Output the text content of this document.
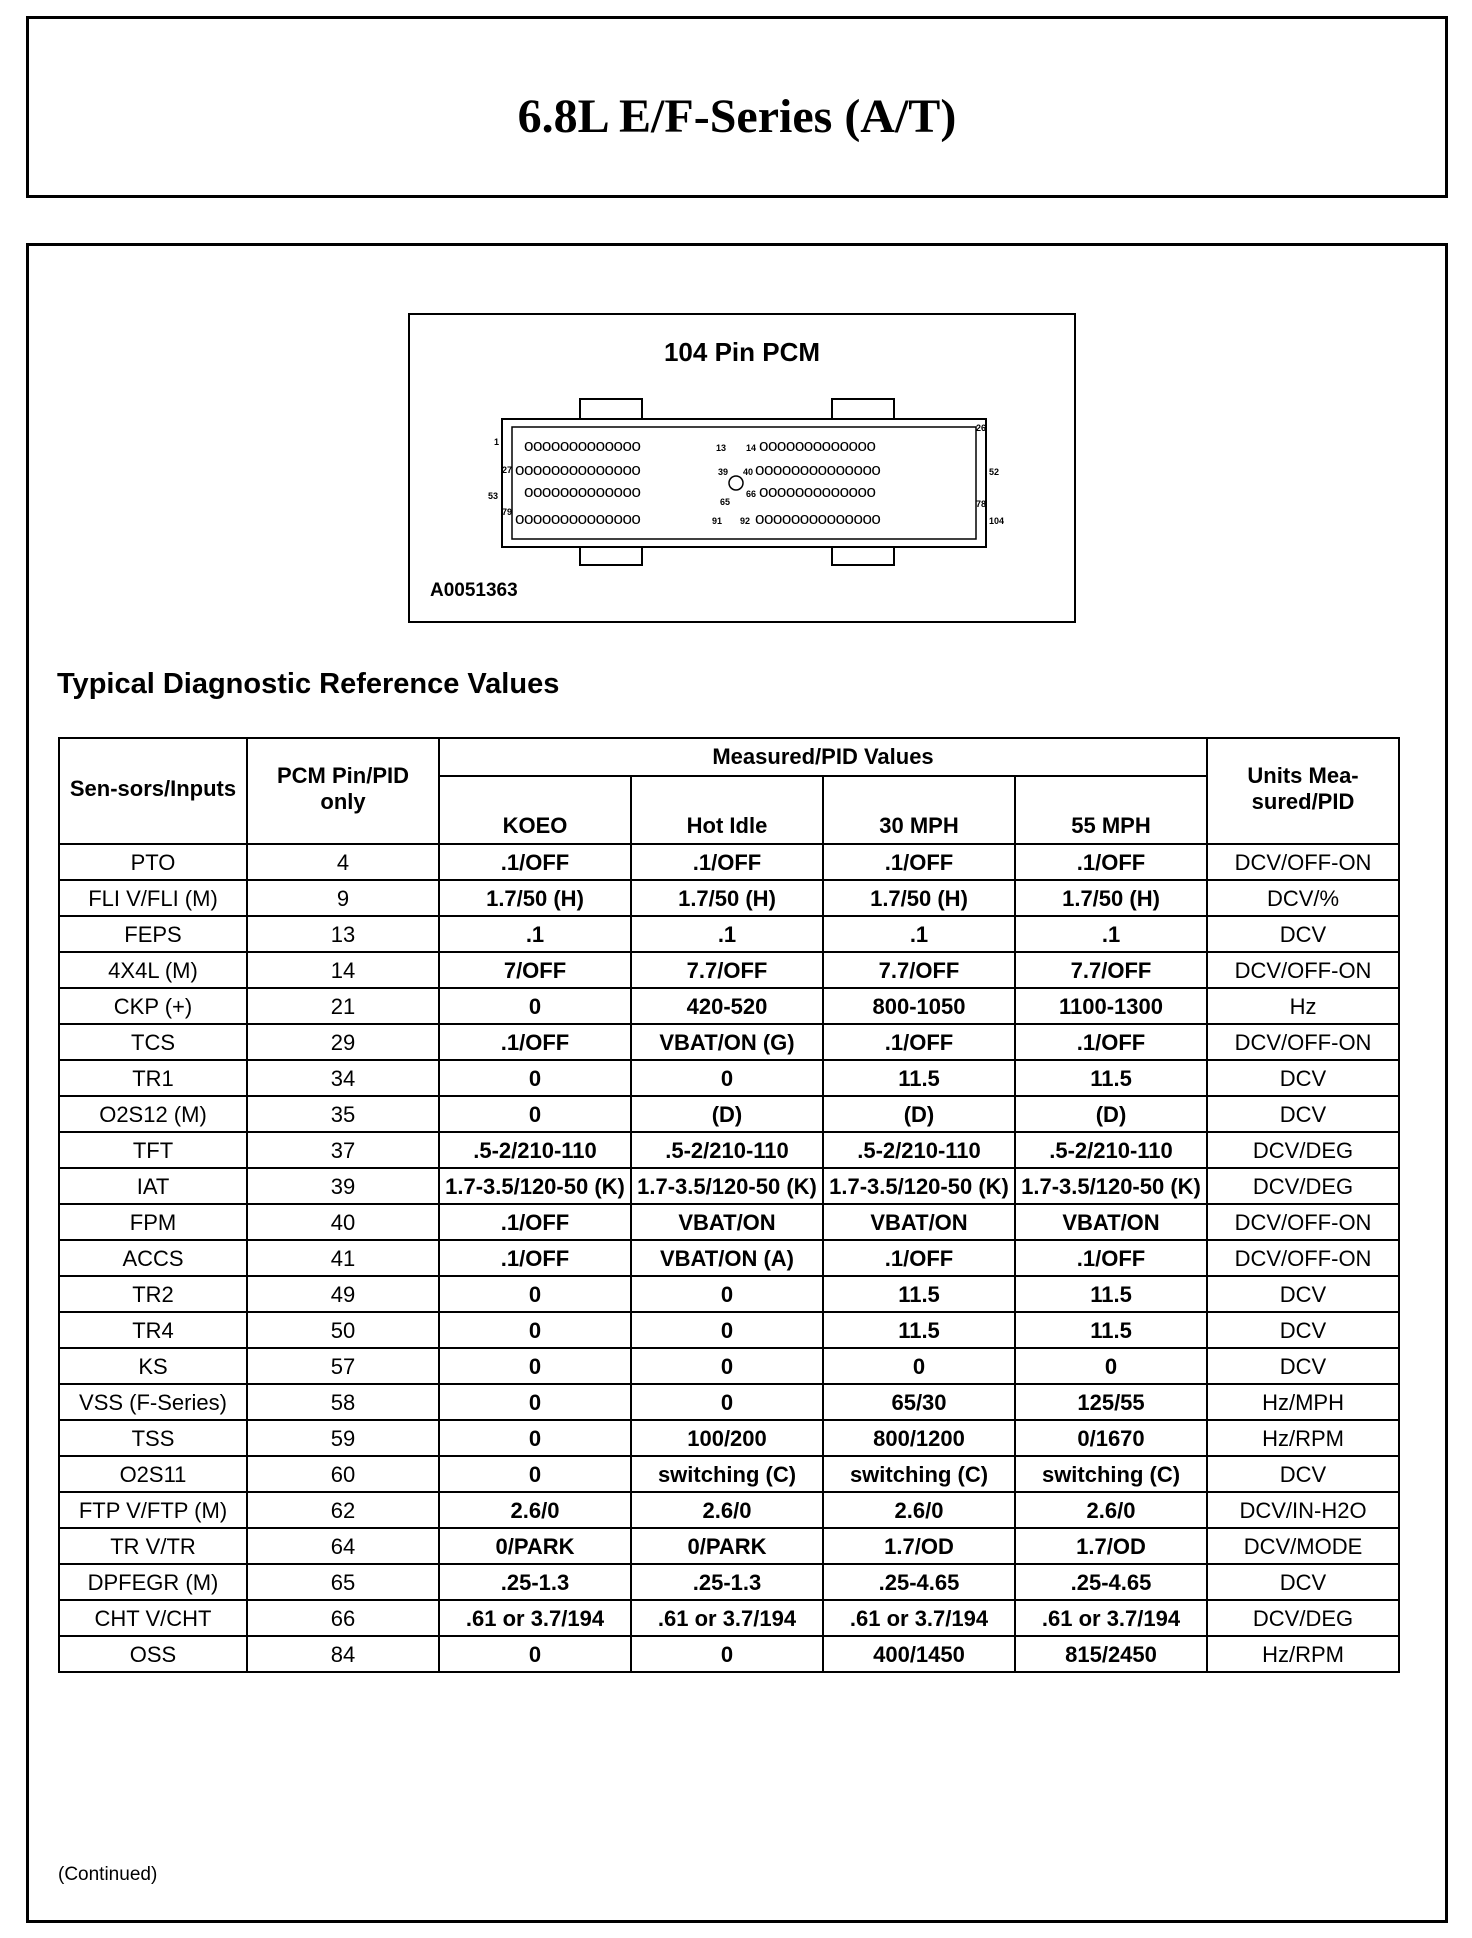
6.8L E/F-Series (A/T)
104 Pin PCM
ooooooooooooo	ooooooooooooo
oooooooooooooo	oooooooooooooo
ooooooooooooo	ooooooooooooo
oooooooooooooo	oooooooooooooo
1
13 14
26
27	39 40	52
53
65
66
78
79
91 92	104
A0051363
Typical Diagnostic Reference Values
Sen-sors/Inputs	PCM Pin/PID only	Measured/PID Values				Units Mea-sured/PID
		KOEO	Hot Idle	30 MPH	55 MPH	
PTO	4	.1/OFF	.1/OFF	.1/OFF	.1/OFF	DCV/OFF-ON
FLI V/FLI (M)	9	1.7/50 (H)	1.7/50 (H)	1.7/50 (H)	1.7/50 (H)	DCV/%
FEPS	13	.1	.1	.1	.1	DCV
4X4L (M)	14	7/OFF	7.7/OFF	7.7/OFF	7.7/OFF	DCV/OFF-ON
CKP (+)	21	0	420-520	800-1050	1100-1300	Hz
TCS	29	.1/OFF	VBAT/ON (G)	.1/OFF	.1/OFF	DCV/OFF-ON
TR1	34	0	0	11.5	11.5	DCV
O2S12 (M)	35	0	(D)	(D)	(D)	DCV
TFT	37	.5-2/210-110	.5-2/210-110	.5-2/210-110	.5-2/210-110	DCV/DEG
IAT	39	1.7-3.5/120-50 (K)	1.7-3.5/120-50 (K)	1.7-3.5/120-50 (K)	1.7-3.5/120-50 (K)	DCV/DEG
FPM	40	.1/OFF	VBAT/ON	VBAT/ON	VBAT/ON	DCV/OFF-ON
ACCS	41	.1/OFF	VBAT/ON (A)	.1/OFF	.1/OFF	DCV/OFF-ON
TR2	49	0	0	11.5	11.5	DCV
TR4	50	0	0	11.5	11.5	DCV
KS	57	0	0	0	0	DCV
VSS (F-Series)	58	0	0	65/30	125/55	Hz/MPH
TSS	59	0	100/200	800/1200	0/1670	Hz/RPM
O2S11	60	0	switching (C)	switching (C)	switching (C)	DCV
FTP V/FTP (M)	62	2.6/0	2.6/0	2.6/0	2.6/0	DCV/IN-H2O
TR V/TR	64	0/PARK	0/PARK	1.7/OD	1.7/OD	DCV/MODE
DPFEGR (M)	65	.25-1.3	.25-1.3	.25-4.65	.25-4.65	DCV
CHT V/CHT	66	.61 or 3.7/194	.61 or 3.7/194	.61 or 3.7/194	.61 or 3.7/194	DCV/DEG
OSS	84	0	0	400/1450	815/2450	Hz/RPM
(Continued)
